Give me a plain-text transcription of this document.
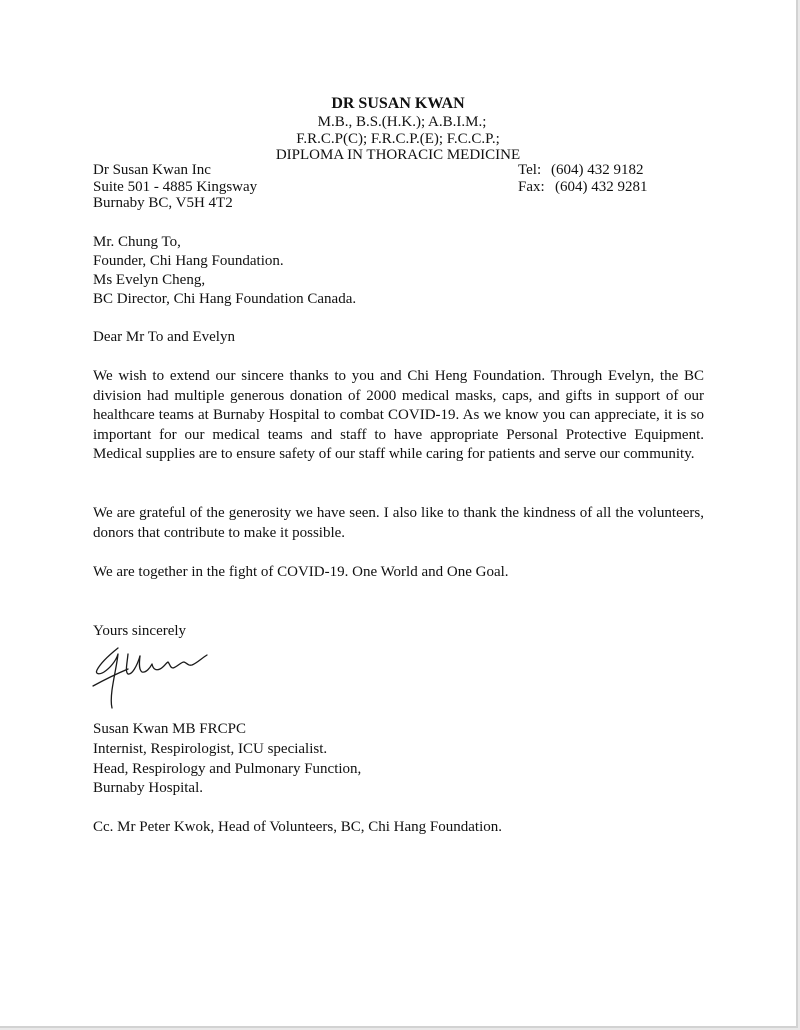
DR SUSAN KWAN
M.B., B.S.(H.K.); A.B.I.M.;
F.R.C.P(C); F.R.C.P.(E); F.C.C.P.;
DIPLOMA IN THORACIC MEDICINE
Dr Susan Kwan Inc
Suite 501 - 4885 Kingsway
Burnaby BC, V5H 4T2
Tel: (604) 432 9182
Fax: (604) 432 9281
Mr. Chung To,
Founder, Chi Hang Foundation.
Ms Evelyn Cheng,
BC Director, Chi Hang Foundation Canada.
Dear Mr To and Evelyn
We wish to extend our sincere thanks to you and Chi Heng Foundation. Through Evelyn, the BC division had multiple generous donation of 2000 medical masks, caps, and gifts in support of our healthcare teams at Burnaby Hospital to combat COVID-19. As we know you can appreciate, it is so important for our medical teams and staff to have appropriate Personal Protective Equipment. Medical supplies are to ensure safety of our staff while caring for patients and serve our community.
We are grateful of the generosity we have seen. I also like to thank the kindness of all the volunteers, donors that contribute to make it possible.
We are together in the fight of COVID-19. One World and One Goal.
Yours sincerely
Susan Kwan MB FRCPC
Internist, Respirologist, ICU specialist.
Head, Respirology and Pulmonary Function,
Burnaby Hospital.
Cc. Mr Peter Kwok, Head of Volunteers, BC, Chi Hang Foundation.
